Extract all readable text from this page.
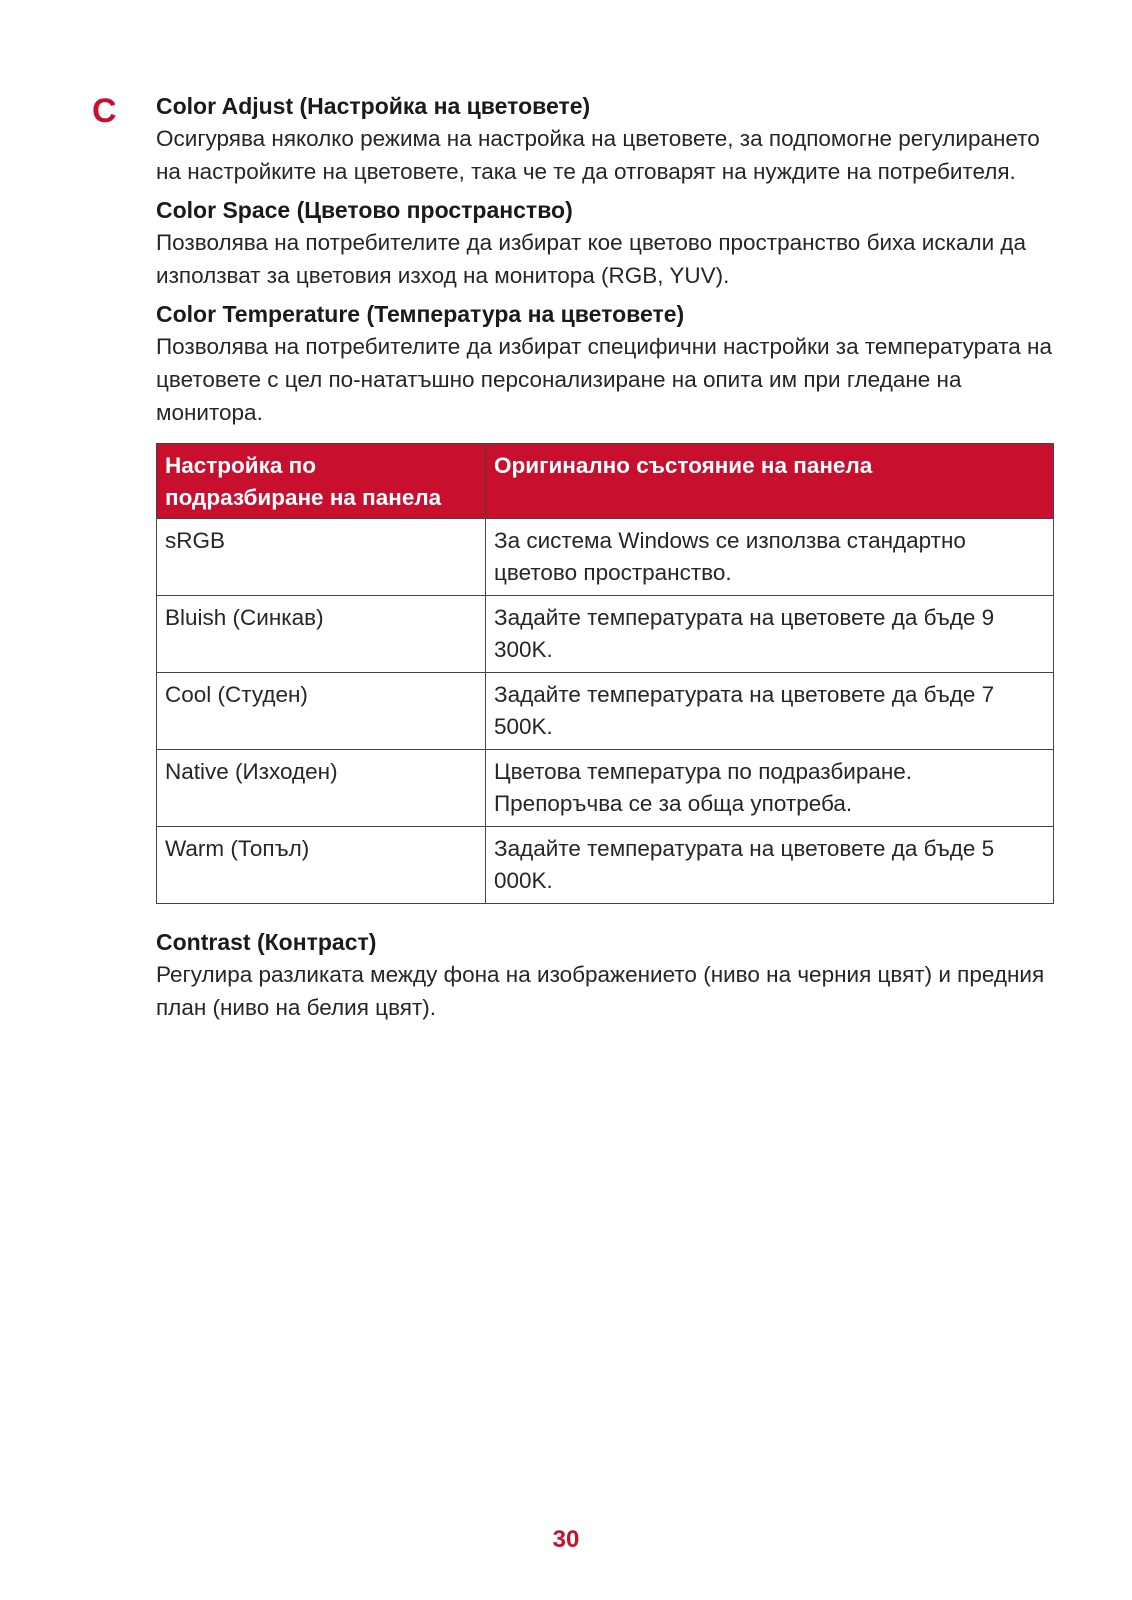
C Color Adjust (Настройка на цветовете)

Осигурява няколко режима на настройка на цветовете, за подпомогне регулирането на настройките на цветовете, така че те да отговарят на нуждите на потребителя.

Color Space (Цветово пространство)

Позволява на потребителите да избират кое цветово пространство биха искали да използват за цветовия изход на монитора (RGB, YUV).

Color Temperature (Температура на цветовете)

Позволява на потребителите да избират специфични настройки за температурата на цветовете с цел по-нататъшно персонализиране на опита им при гледане на монитора.

Настройка по подразбиране на панела	Оригинално състояние на панела
sRGB	За система Windows се използва стандартно цветово пространство.
Bluish (Синкав)	Задайте температурата на цветовете да бъде 9 300K.
Cool (Студен)	Задайте температурата на цветовете да бъде 7 500K.
Native (Изходен)	Цветова температура по подразбиране. Препоръчва се за обща употреба.
Warm (Топъл)	Задайте температурата на цветовете да бъде 5 000K.

Contrast (Контраст)

Регулира разликата между фона на изображението (ниво на черния цвят) и предния план (ниво на белия цвят).

30
